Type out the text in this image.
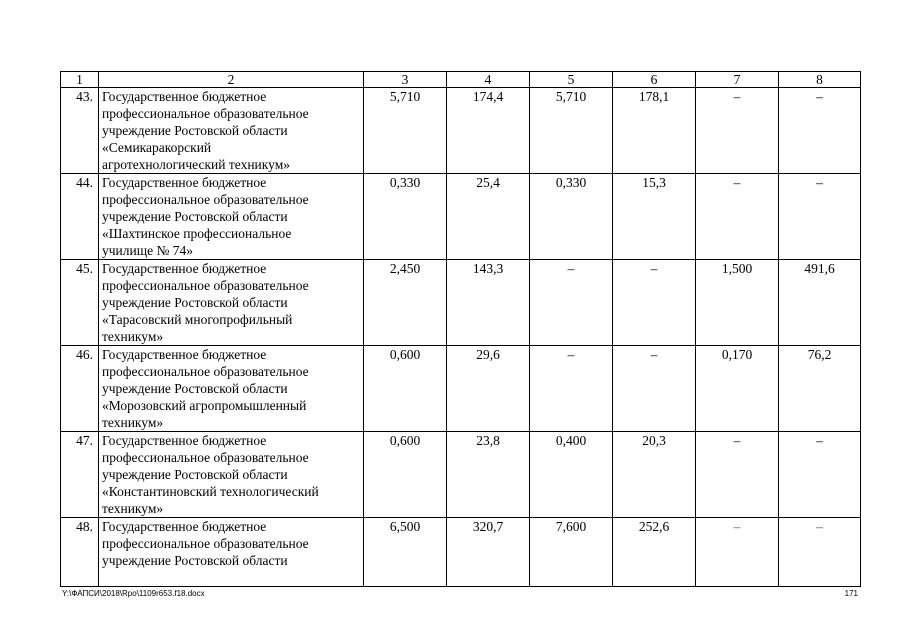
1	2	3	4	5	6	7	8
43.	Государственное бюджетное
профессиональное образовательное
учреждение Ростовской области
«Семикаракорский
агротехнологический техникум»	5,710	174,4	5,710	178,1	–	–
44.	Государственное бюджетное
профессиональное образовательное
учреждение Ростовской области
«Шахтинское профессиональное
училище № 74»	0,330	25,4	0,330	15,3	–	–
45.	Государственное бюджетное
профессиональное образовательное
учреждение Ростовской области
«Тарасовский многопрофильный
техникум»	2,450	143,3	–	–	1,500	491,6
46.	Государственное бюджетное
профессиональное образовательное
учреждение Ростовской области
«Морозовский агропромышленный
техникум»	0,600	29,6	–	–	0,170	76,2
47.	Государственное бюджетное
профессиональное образовательное
учреждение Ростовской области
«Константиновский технологический
техникум»	0,600	23,8	0,400	20,3	–	–
48.	Государственное бюджетное
профессиональное образовательное
учреждение Ростовской области	6,500	320,7	7,600	252,6	–	–
Y:\ФАПСИ\2018\Rpo\1109r653.f18.docx	171
